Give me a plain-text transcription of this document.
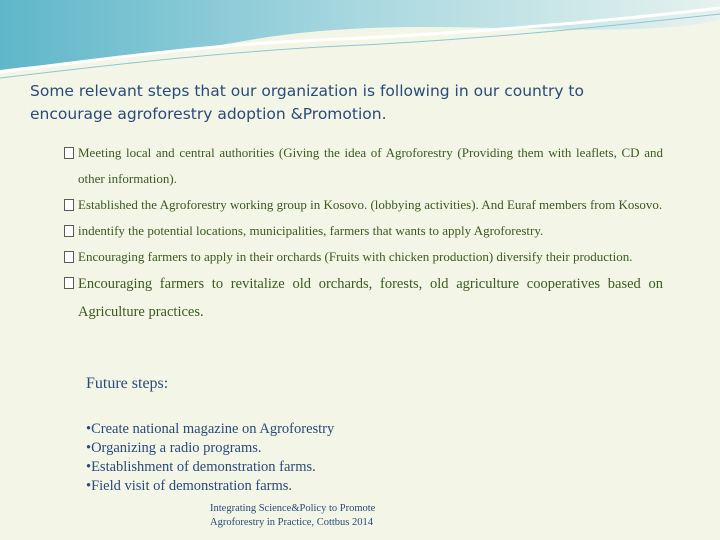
Some relevant steps that our organization is following in our country to
encourage agroforestry adoption &Promotion.
Meeting local and central authorities (Giving the idea of Agroforestry (Providing them with leaflets, CD and other information).
Established the Agroforestry working group in Kosovo. (lobbying activities). And Euraf members from Kosovo.
indentify the potential locations, municipalities, farmers that wants to apply Agroforestry.
Encouraging farmers to apply in their orchards (Fruits with chicken production) diversify their production.
Encouraging farmers to revitalize old orchards, forests, old agriculture cooperatives based on Agriculture practices.
Future steps:
•Create national magazine on Agroforestry
•Organizing a radio programs.
•Establishment of demonstration farms.
•Field visit of demonstration farms.
Integrating Science&Policy to Promote
Agroforestry in Practice, Cottbus 2014
